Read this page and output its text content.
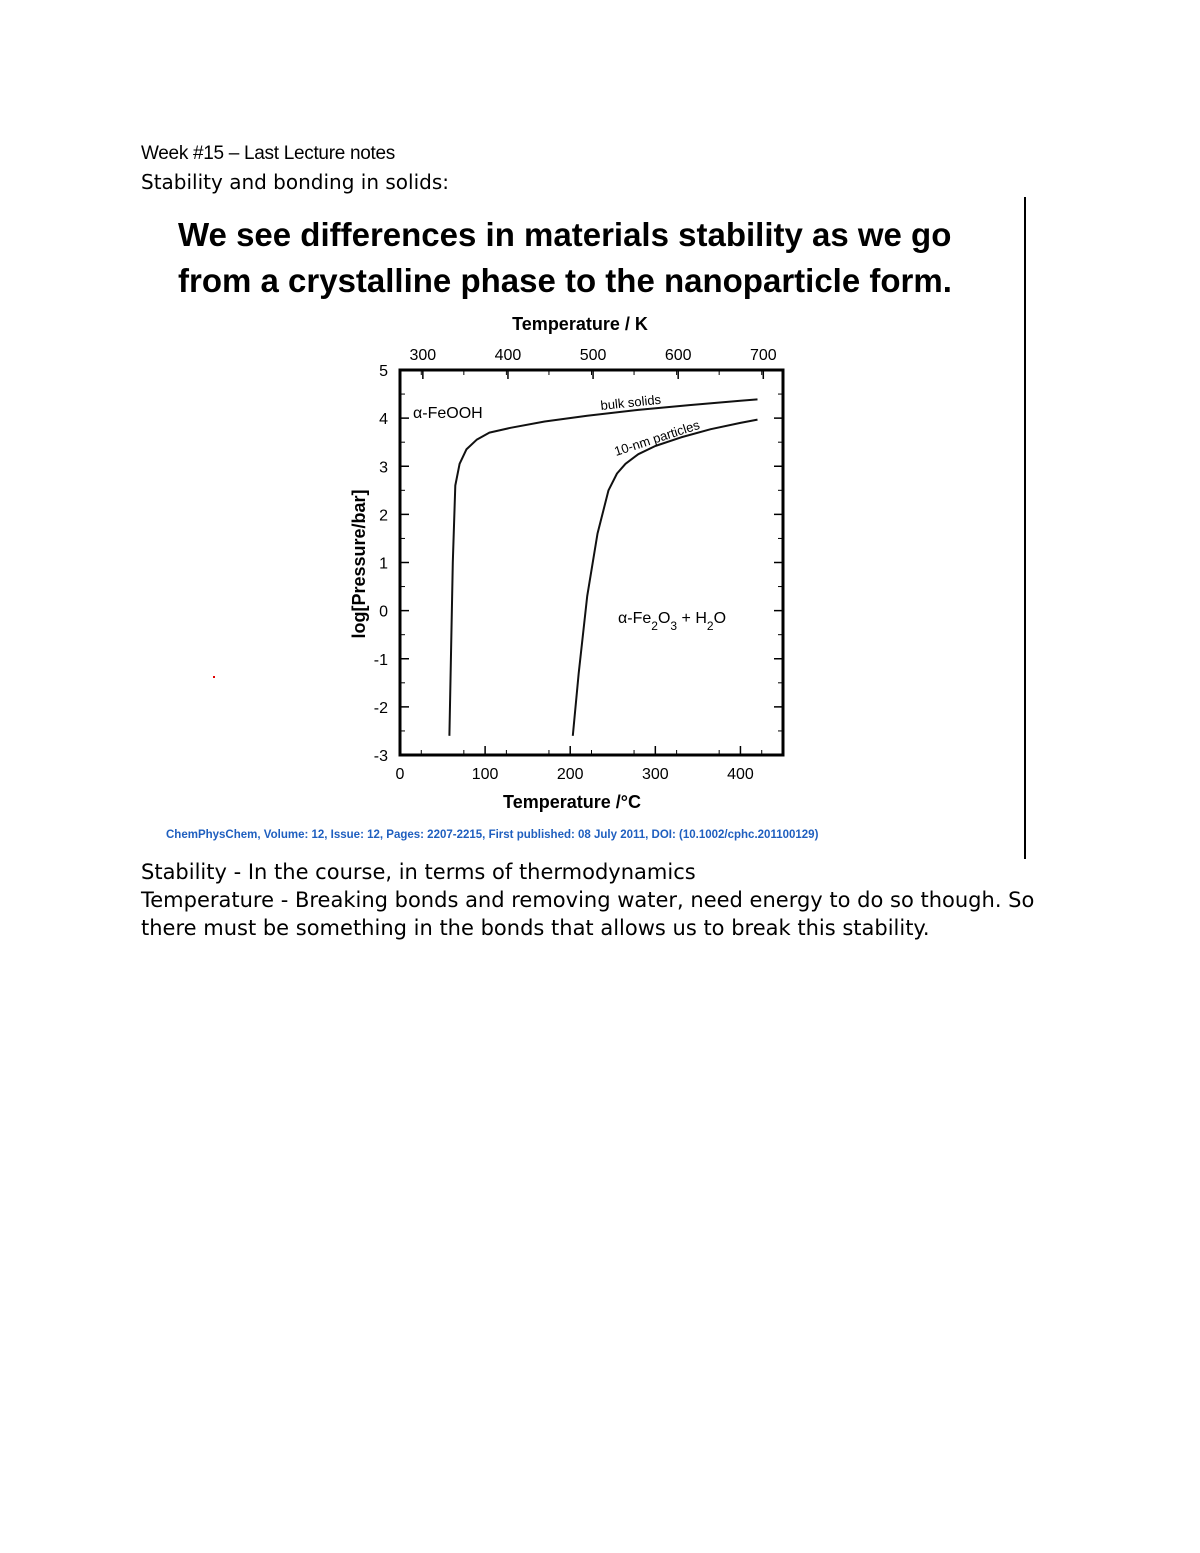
Week #15 – Last Lecture notes
Stability and bonding in solids:
We see differences in materials stability as we go
from a crystalline phase to the nanoparticle form.
Temperature / K
Temperature /°C
log[Pressure/bar]
0	100	200	300	400
300	400	500	600	700
-3
-2
-1
0
1
2
3
4
5
α-FeOOH
$\alpha-Fe_2O_3 + H_2O$
bulk solids
10-nm particles
ChemPhysChem, Volume: 12, Issue: 12, Pages: 2207-2215, First published: 08 July 2011, DOI: (10.1002/cphc.201100129)

Stability - In the course, in terms of thermodynamics

Temperature - Breaking bonds and removing water, need energy to do so though. So there must be something in the bonds that allows us to break this stability.
